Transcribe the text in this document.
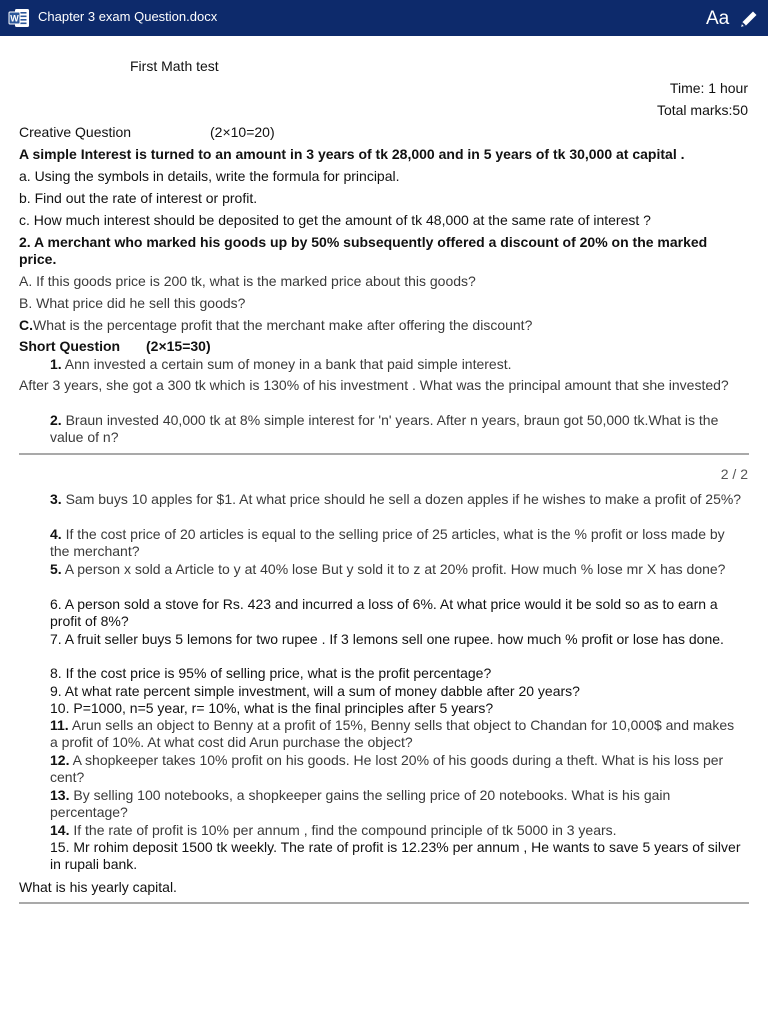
W Chapter 3 exam Question.docx	Aa
First Math test
Time: 1 hour
Total marks:50
Creative Question	(2×10=20)
A simple Interest is turned to an amount in 3 years of tk 28,000 and in 5 years of tk 30,000 at capital .
a. Using the symbols in details, write the formula for principal.
b. Find out the rate of interest or profit.
c. How much interest should be deposited to get the amount of tk 48,000 at the same rate of interest ?
2. A merchant who marked his goods up by 50% subsequently offered a discount of 20% on the marked price.
A. If this goods price is 200 tk, what is the marked price about this goods?
B. What price did he sell this goods?
C.What is the percentage profit that the merchant make after offering the discount?
Short Question (2×15=30)
1. Ann invested a certain sum of money in a bank that paid simple interest.
After 3 years, she got a 300 tk which is 130% of his investment . What was the principal amount that she invested?
2. Braun invested 40,000 tk at 8% simple interest for 'n' years. After n years, braun got 50,000 tk.What is the value of n?
2 / 2
3. Sam buys 10 apples for $1. At what price should he sell a dozen apples if he wishes to make a profit of 25%?
4. If the cost price of 20 articles is equal to the selling price of 25 articles, what is the % profit or loss made by the merchant?
5. A person x sold a Article to y at 40% lose But y sold it to z at 20% profit. How much % lose mr X has done?
6. A person sold a stove for Rs. 423 and incurred a loss of 6%. At what price would it be sold so as to earn a profit of 8%?
7. A fruit seller buys 5 lemons for two rupee . If 3 lemons sell one rupee. how much % profit or lose has done.
8. If the cost price is 95% of selling price, what is the profit percentage?
9. At what rate percent simple investment, will a sum of money dabble after 20 years?
10. P=1000, n=5 year, r= 10%, what is the final principles after 5 years?
11. Arun sells an object to Benny at a profit of 15%, Benny sells that object to Chandan for 10,000$ and makes a profit of 10%. At what cost did Arun purchase the object?
12. A shopkeeper takes 10% profit on his goods. He lost 20% of his goods during a theft. What is his loss per cent?
13. By selling 100 notebooks, a shopkeeper gains the selling price of 20 notebooks. What is his gain percentage?
14. If the rate of profit is 10% per annum , find the compound principle of tk 5000 in 3 years.
15. Mr rohim deposit 1500 tk weekly. The rate of profit is 12.23% per annum , He wants to save 5 years of silver in rupali bank.
What is his yearly capital.
